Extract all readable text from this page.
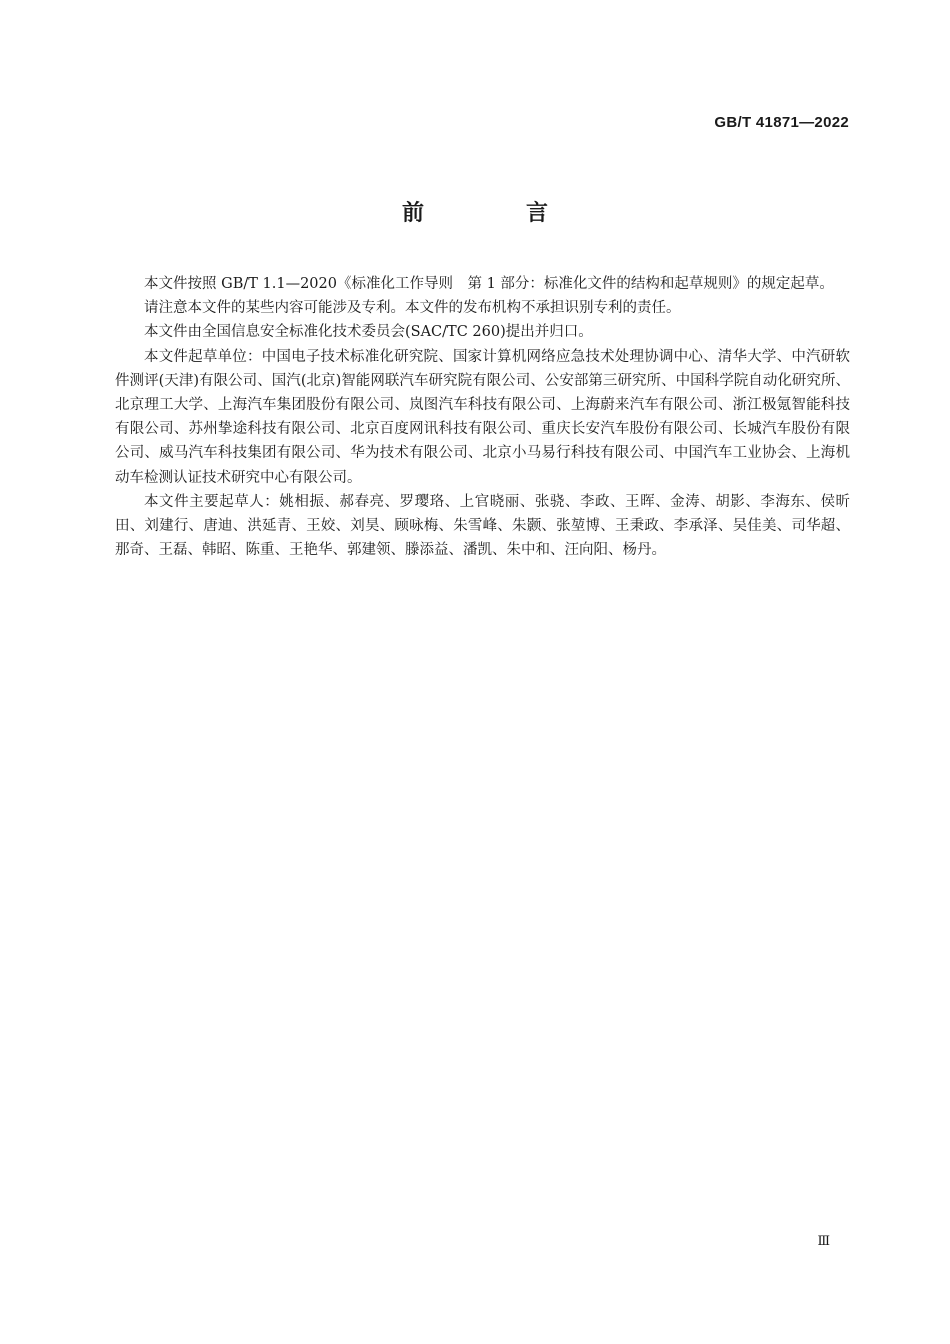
GB/T 41871—2022
前　言

本文件按照 GB/T 1.1—2020《标准化工作导则　第 1 部分：标准化文件的结构和起草规则》的规定起草。

请注意本文件的某些内容可能涉及专利。本文件的发布机构不承担识别专利的责任。

本文件由全国信息安全标准化技术委员会(SAC/TC 260)提出并归口。

本文件起草单位：中国电子技术标准化研究院、国家计算机网络应急技术处理协调中心、清华大学、中汽研软件测评(天津)有限公司、国汽(北京)智能网联汽车研究院有限公司、公安部第三研究所、中国科学院自动化研究所、北京理工大学、上海汽车集团股份有限公司、岚图汽车科技有限公司、上海蔚来汽车有限公司、浙江极氪智能科技有限公司、苏州挚途科技有限公司、北京百度网讯科技有限公司、重庆长安汽车股份有限公司、长城汽车股份有限公司、威马汽车科技集团有限公司、华为技术有限公司、北京小马易行科技有限公司、中国汽车工业协会、上海机动车检测认证技术研究中心有限公司。

本文件主要起草人：姚相振、郝春亮、罗璎珞、上官晓丽、张骁、李政、王晖、金涛、胡影、李海东、侯昕田、刘建行、唐迪、洪延青、王姣、刘昊、顾咏梅、朱雪峰、朱颢、张堃博、王秉政、李承泽、吴佳美、司华超、那奇、王磊、韩昭、陈重、王艳华、郭建领、滕添益、潘凯、朱中和、汪向阳、杨丹。

Ⅲ
